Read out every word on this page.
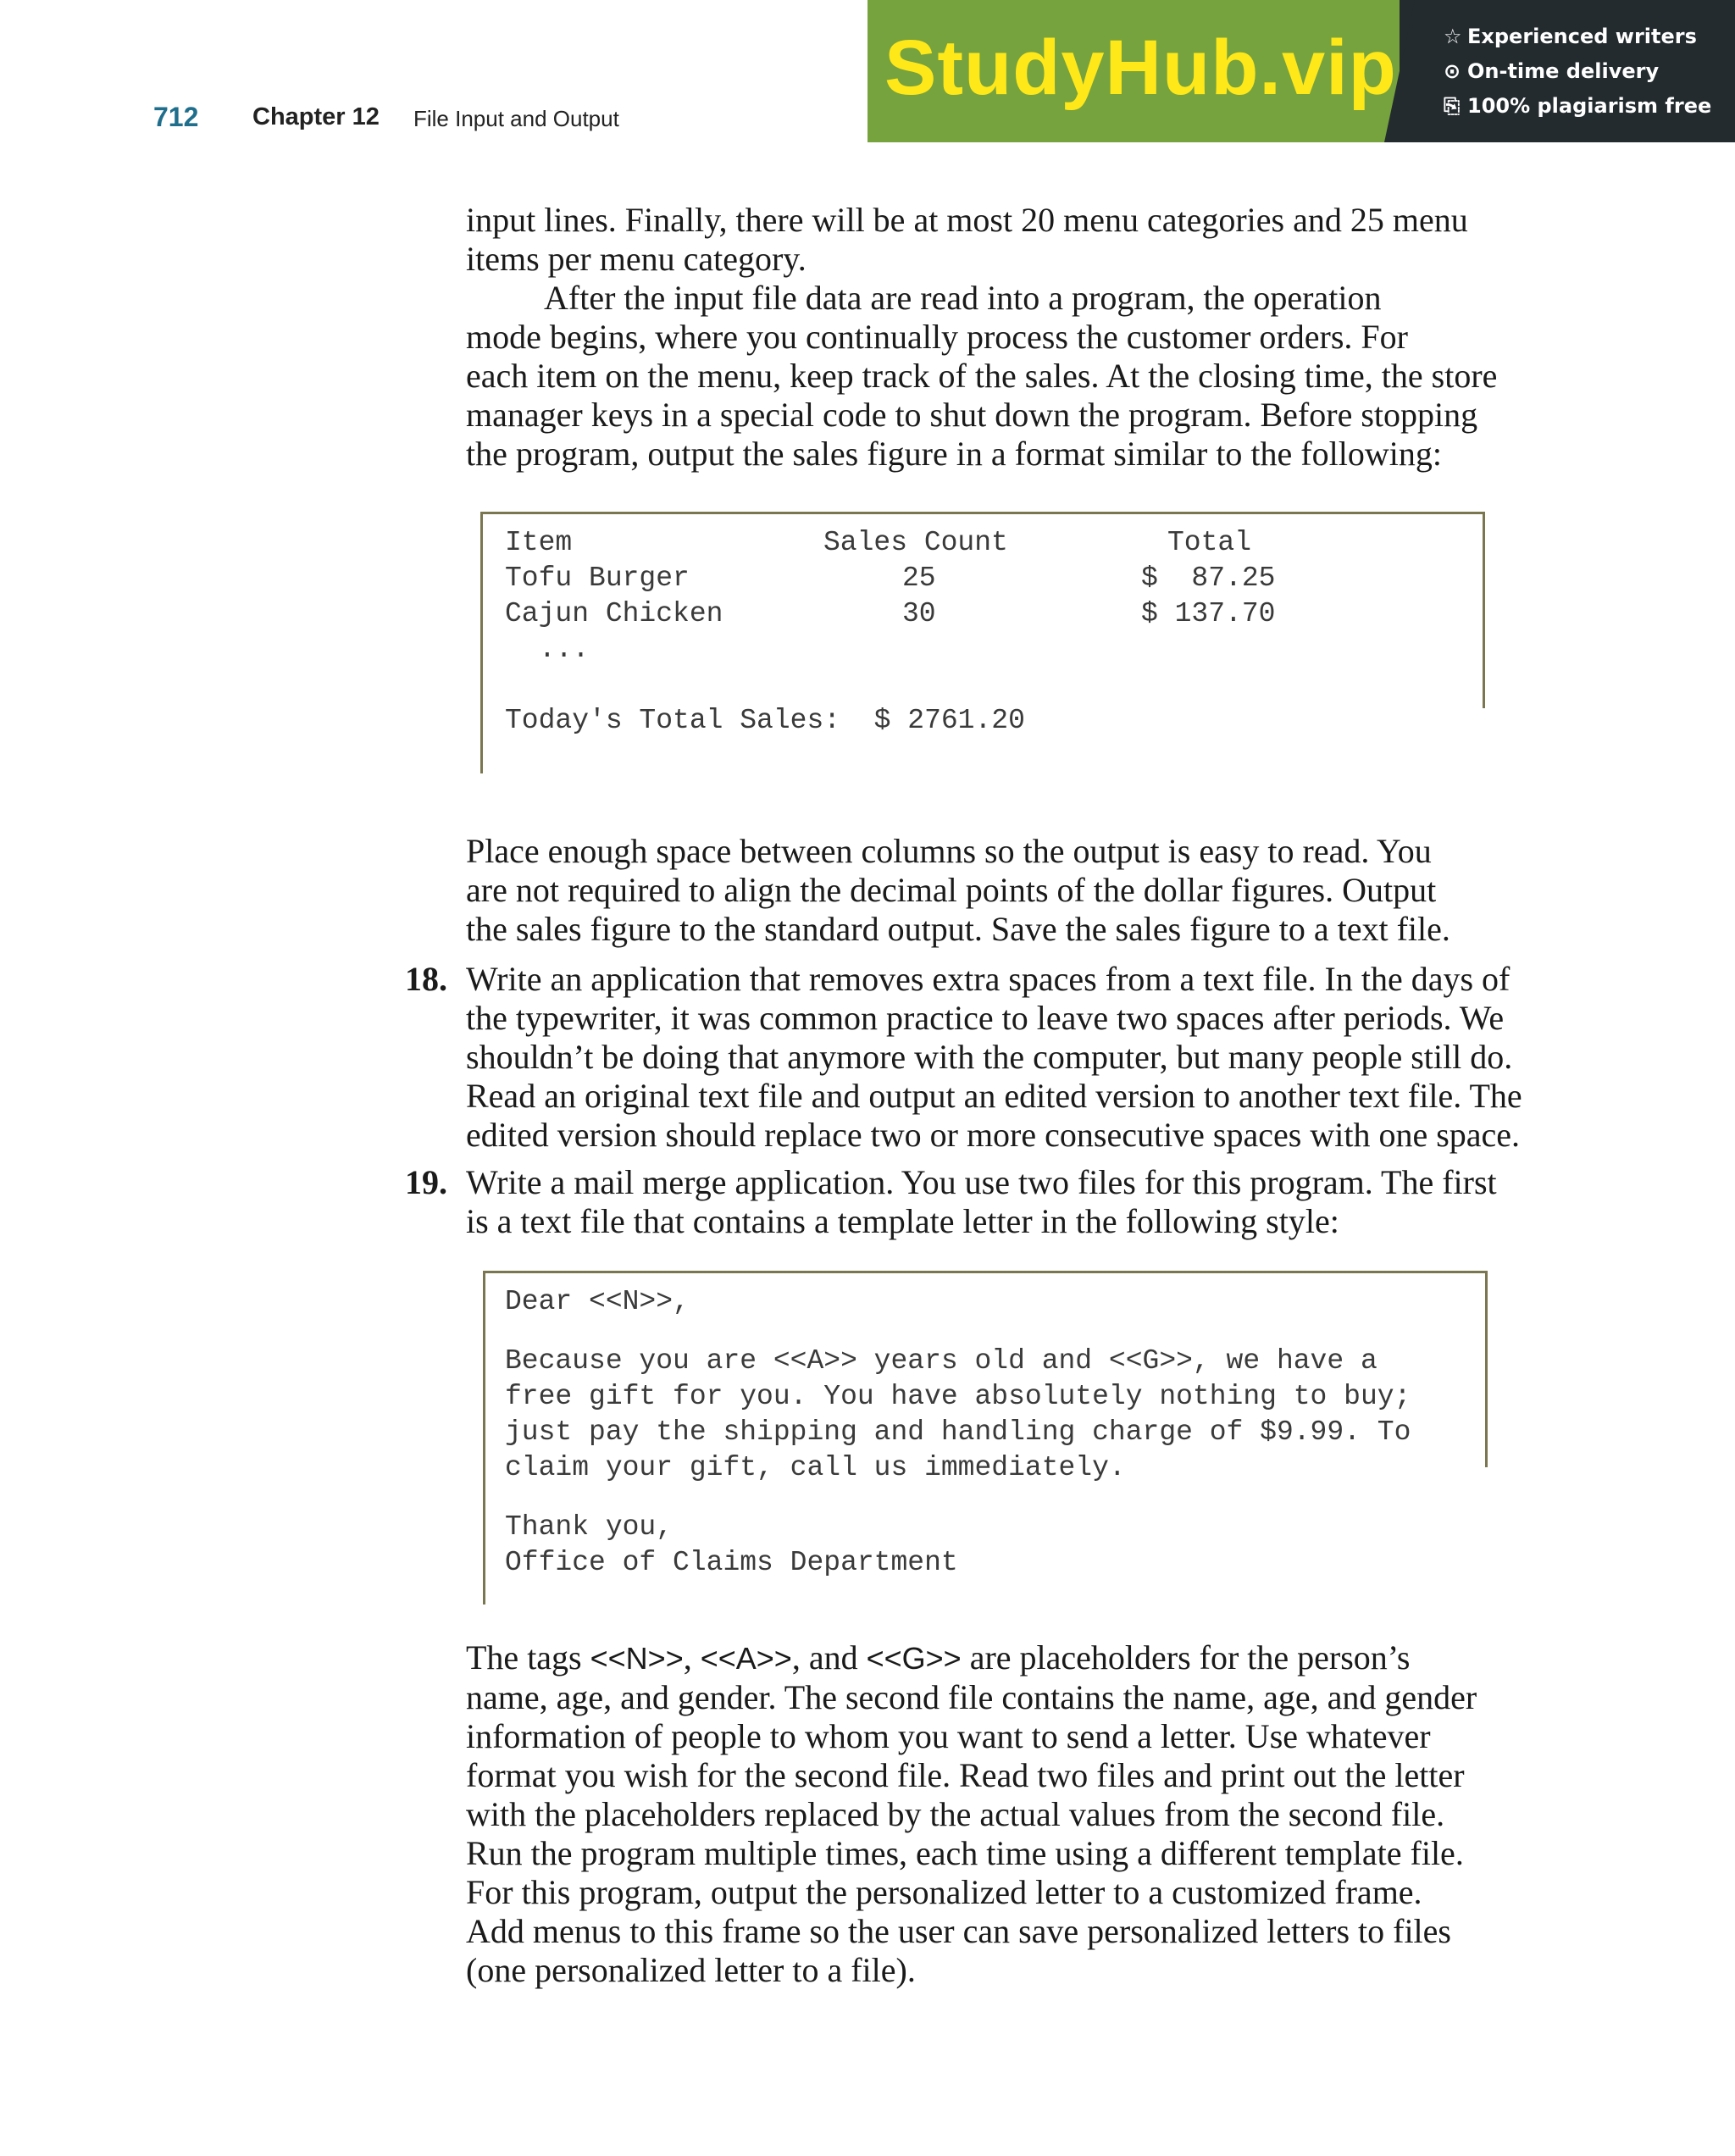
712 Chapter 12 File Input and Output
StudyHub.vip ☆ Experienced writers
⊙ On-time delivery
⎘ 100% plagiarism free
input lines. Finally, there will be at most 20 menu categories and 25 menu
items per menu category.
After the input file data are read into a program, the operation
mode begins, where you continually process the customer orders. For
each item on the menu, keep track of the sales. At the closing time, the store
manager keys in a special code to shut down the program. Before stopping
the program, output the sales figure in a format similar to the following:
Item	Sales Count	Total
Tofu Burger	25	$  87.25
Cajun Chicken	30	$ 137.70
...
Today's Total Sales:  $ 2761.20
Place enough space between columns so the output is easy to read. You
are not required to align the decimal points of the dollar figures. Output
the sales figure to the standard output. Save the sales figure to a text file.
18. Write an application that removes extra spaces from a text file. In the days of
the typewriter, it was common practice to leave two spaces after periods. We
shouldn’t be doing that anymore with the computer, but many people still do.
Read an original text file and output an edited version to another text file. The
edited version should replace two or more consecutive spaces with one space.
19. Write a mail merge application. You use two files for this program. The first
is a text file that contains a template letter in the following style:
Dear <<N>>,
Because you are <<A>> years old and <<G>>, we have a
free gift for you. You have absolutely nothing to buy;
just pay the shipping and handling charge of $9.99. To
claim your gift, call us immediately.
Thank you,
Office of Claims Department
The tags <<N>>, <<A>>, and <<G>> are placeholders for the person’s
name, age, and gender. The second file contains the name, age, and gender
information of people to whom you want to send a letter. Use whatever
format you wish for the second file. Read two files and print out the letter
with the placeholders replaced by the actual values from the second file.
Run the program multiple times, each time using a different template file.
For this program, output the personalized letter to a customized frame.
Add menus to this frame so the user can save personalized letters to files
(one personalized letter to a file).
